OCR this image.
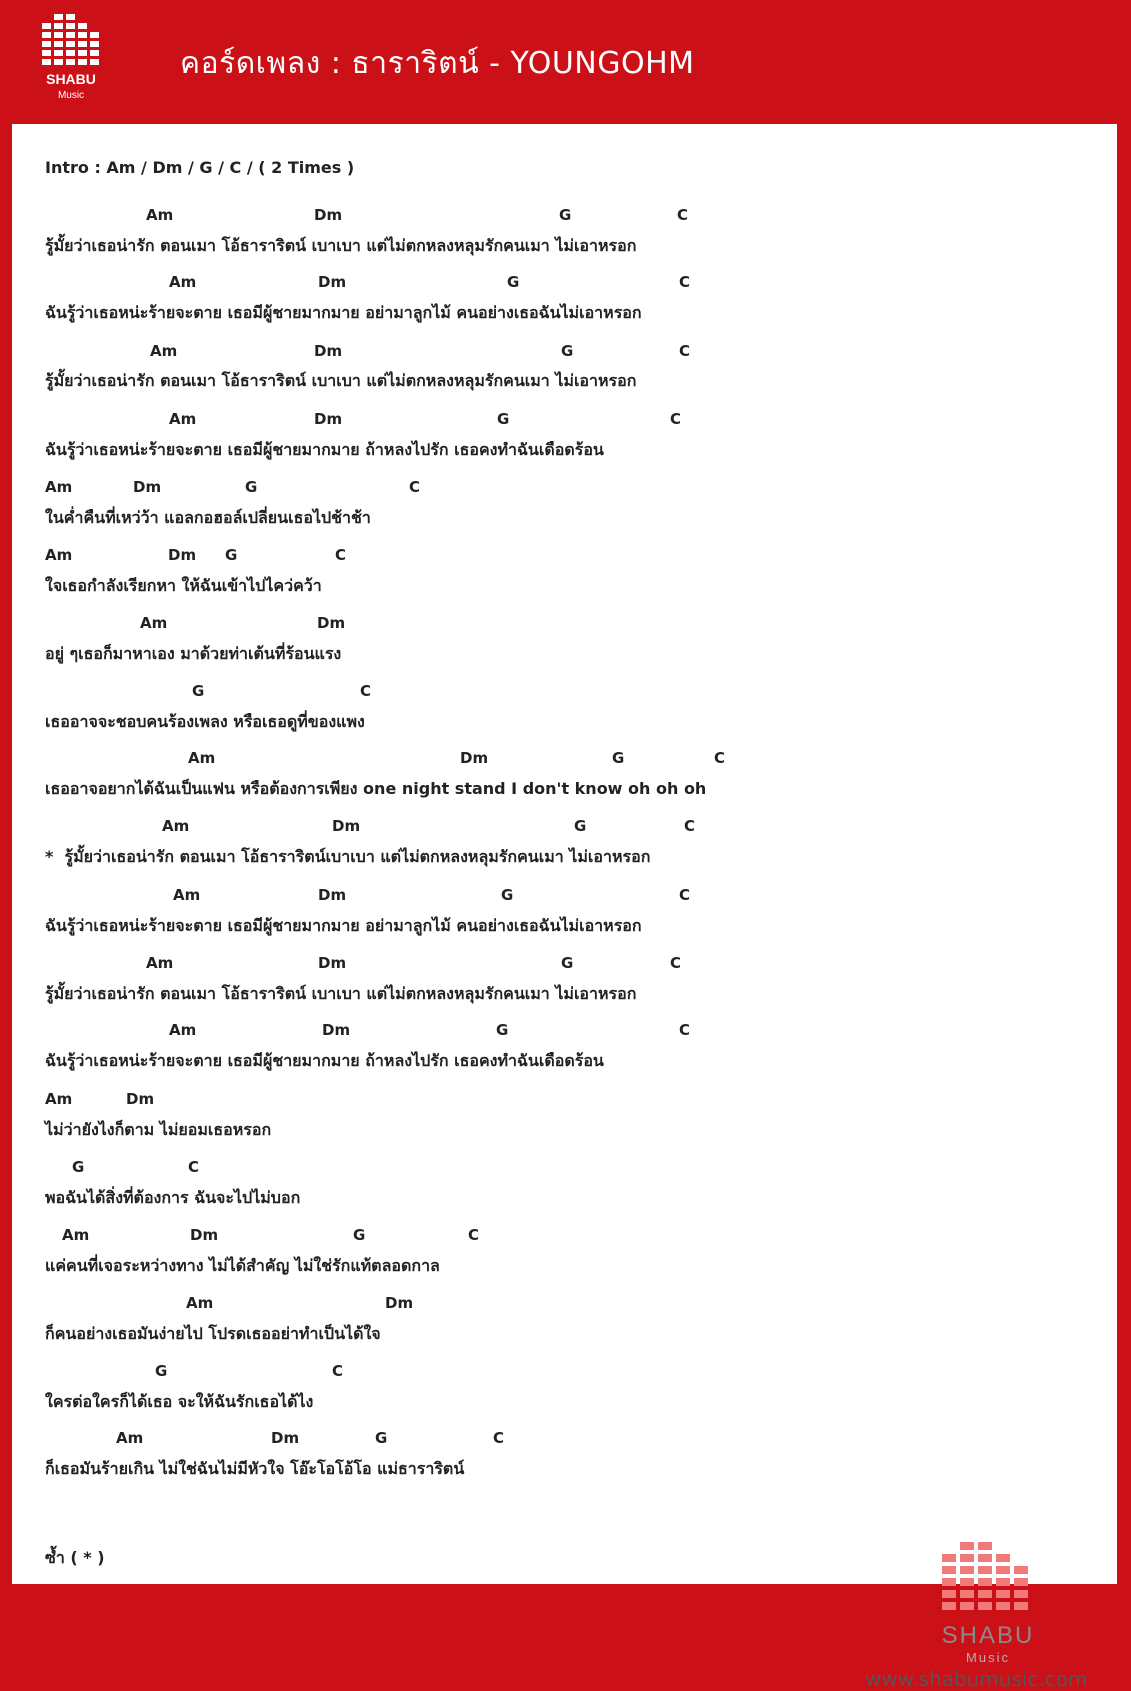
SHABU
Music
คอร์ดเพลง : ธาราริตน์ - YOUNGOHM
Intro : Am / Dm / G / C / ( 2 Times )
Am	Dm	G	C
รู้มั้ยว่าเธอน่ารัก ตอนเมา โอ้ธาราริตน์ เบาเบา แต่ไม่ตกหลงหลุมรักคนเมา ไม่เอาหรอก
Am	Dm	G	C
ฉันรู้ว่าเธอหน่ะร้ายจะตาย เธอมีผู้ชายมากมาย อย่ามาลูกไม้ คนอย่างเธอฉันไม่เอาหรอก
Am	Dm	G	C
รู้มั้ยว่าเธอน่ารัก ตอนเมา โอ้ธาราริตน์ เบาเบา แต่ไม่ตกหลงหลุมรักคนเมา ไม่เอาหรอก
Am	Dm	G	C
ฉันรู้ว่าเธอหน่ะร้ายจะตาย เธอมีผู้ชายมากมาย ถ้าหลงไปรัก เธอคงทำฉันเดือดร้อน
Am	Dm	G	C
ในค่ำคืนที่เหว่ว้า แอลกอฮอล์เปลี่ยนเธอไปช้าช้า
Am	Dm G	C
ใจเธอกำลังเรียกหา ให้ฉันเข้าไปไคว่คว้า
Am	Dm
อยู่ ๆเธอก็มาหาเอง มาด้วยท่าเต้นที่ร้อนแรง
G	C
เธออาจจะชอบคนร้องเพลง หรือเธอดูที่ของแพง
Am	Dm	G	C
เธออาจอยากได้ฉันเป็นแฟน หรือต้องการเพียง one night stand I don't know oh oh oh
Am	Dm	G	C
* รู้มั้ยว่าเธอน่ารัก ตอนเมา โอ้ธาราริตน์เบาเบา แต่ไม่ตกหลงหลุมรักคนเมา ไม่เอาหรอก
Am	Dm	G	C
ฉันรู้ว่าเธอหน่ะร้ายจะตาย เธอมีผู้ชายมากมาย อย่ามาลูกไม้ คนอย่างเธอฉันไม่เอาหรอก
Am	Dm	G	C
รู้มั้ยว่าเธอน่ารัก ตอนเมา โอ้ธาราริตน์ เบาเบา แต่ไม่ตกหลงหลุมรักคนเมา ไม่เอาหรอก
Am	Dm	G	C
ฉันรู้ว่าเธอหน่ะร้ายจะตาย เธอมีผู้ชายมากมาย ถ้าหลงไปรัก เธอคงทำฉันเดือดร้อน
Am	Dm
ไม่ว่ายังไงก็ตาม ไม่ยอมเธอหรอก
G	C
พอฉันได้สิ่งที่ต้องการ ฉันจะไปไม่บอก
Am	Dm	G	C
แค่คนที่เจอระหว่างทาง ไม่ได้สำคัญ ไม่ใช่รักแท้ตลอดกาล
Am	Dm
ก็คนอย่างเธอมันง่ายไป โปรดเธออย่าทำเป็นได้ใจ
G	C
ใครต่อใครก็ได้เธอ จะให้ฉันรักเธอได้ไง
Am	Dm	G	C
ก็เธอมันร้ายเกิน ไม่ใช่ฉันไม่มีหัวใจ โอ๊ะโอโอ้โอ แม่ธาราริตน์
ซ้ำ ( * )
SHABU
Music
www.shabumusic.com
